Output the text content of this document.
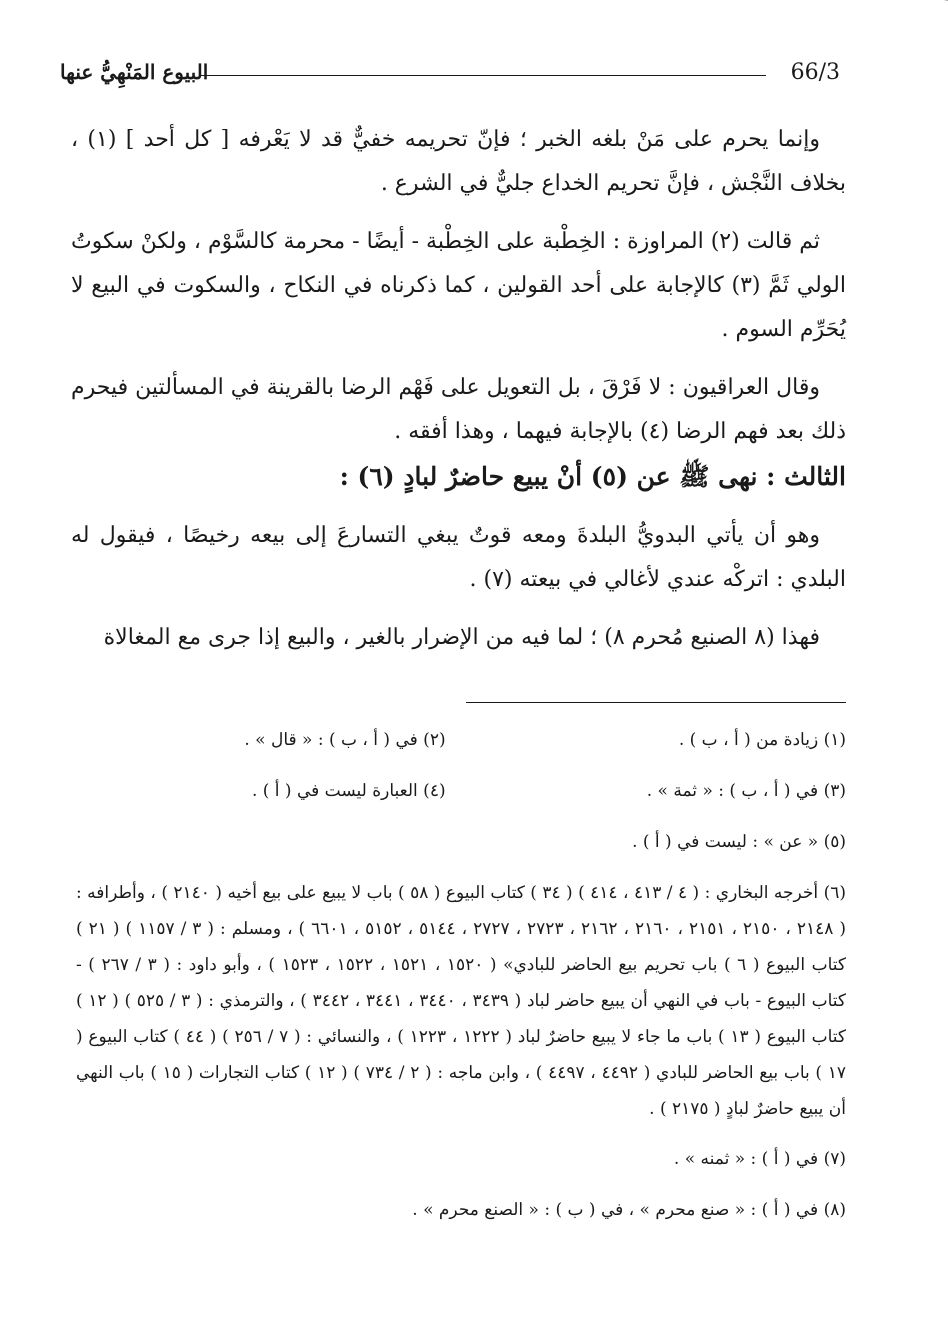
66/3
البيوع المَنْهِيُّ عنها

وإنما يحرم على مَنْ بلغه الخبر ؛ فإنّ تحريمه خفيٌّ قد لا يَعْرفه [ كل أحد ] (١) ، بخلاف النَّجْش ، فإنَّ تحريم الخداع جليٌّ في الشرع .

ثم قالت (٢) المراوزة : الخِطْبة على الخِطْبة - أيضًا - محرمة كالسَّوْم ، ولكنْ سكوتُ الولي ثَمَّ (٣) كالإجابة على أحد القولين ، كما ذكرناه في النكاح ، والسكوت في البيع لا يُحَرِّم السوم .

وقال العراقيون : لا فَرْقَ ، بل التعويل على فَهْم الرضا بالقرينة في المسألتين فيحرم ذلك بعد فهم الرضا (٤) بالإجابة فيهما ، وهذا أفقه .

الثالث : نهى ﷺ عن (٥) أنْ يبيع حاضرٌ لبادٍ (٦) :

وهو أن يأتي البدويُّ البلدةَ ومعه قوتٌ يبغي التسارعَ إلى بيعه رخيصًا ، فيقول له البلدي : اتركْه عندي لأغالي في بيعته (٧) .

فهذا (٨ الصنيع مُحرم ٨) ؛ لما فيه من الإضرار بالغير ، والبيع إذا جرى مع المغالاة

(١) زيادة من ( أ ، ب ) .
(٢) في ( أ ، ب ) : « قال » .
(٣) في ( أ ، ب ) : « ثمة » .
(٤) العبارة ليست في ( أ ) .

(٥) « عن » : ليست في ( أ ) .

(٦) أخرجه البخاري : ( ٤ / ٤١٣ ، ٤١٤ ) ( ٣٤ ) كتاب البيوع ( ٥٨ ) باب لا يبيع على بيع أخيه ( ٢١٤٠ ) ، وأطرافه : ( ٢١٤٨ ، ٢١٥٠ ، ٢١٥١ ، ٢١٦٠ ، ٢١٦٢ ، ٢٧٢٣ ، ٢٧٢٧ ، ٥١٤٤ ، ٥١٥٢ ، ٦٦٠١ ) ، ومسلم : ( ٣ / ١١٥٧ ) ( ٢١ ) كتاب البيوع ( ٦ ) باب تحريم بيع الحاضر للبادي» ( ١٥٢٠ ، ١٥٢١ ، ١٥٢٢ ، ١٥٢٣ ) ، وأبو داود : ( ٣ / ٢٦٧ ) - كتاب البيوع - باب في النهي أن يبيع حاضر لباد ( ٣٤٣٩ ، ٣٤٤٠ ، ٣٤٤١ ، ٣٤٤٢ ) ، والترمذي : ( ٣ / ٥٢٥ ) ( ١٢ ) كتاب البيوع ( ١٣ ) باب ما جاء لا يبيع حاضرٌ لباد ( ١٢٢٢ ، ١٢٢٣ ) ، والنسائي : ( ٧ / ٢٥٦ ) ( ٤٤ ) كتاب البيوع ( ١٧ ) باب بيع الحاضر للبادي ( ٤٤٩٢ ، ٤٤٩٧ ) ، وابن ماجه : ( ٢ / ٧٣٤ ) ( ١٢ ) كتاب التجارات ( ١٥ ) باب النهي أن يبيع حاضرٌ لبادٍ ( ٢١٧٥ ) .

(٧) في ( أ ) : « ثمنه » .

(٨) في ( أ ) : « صنع محرم » ، في ( ب ) : « الصنع محرم » .
